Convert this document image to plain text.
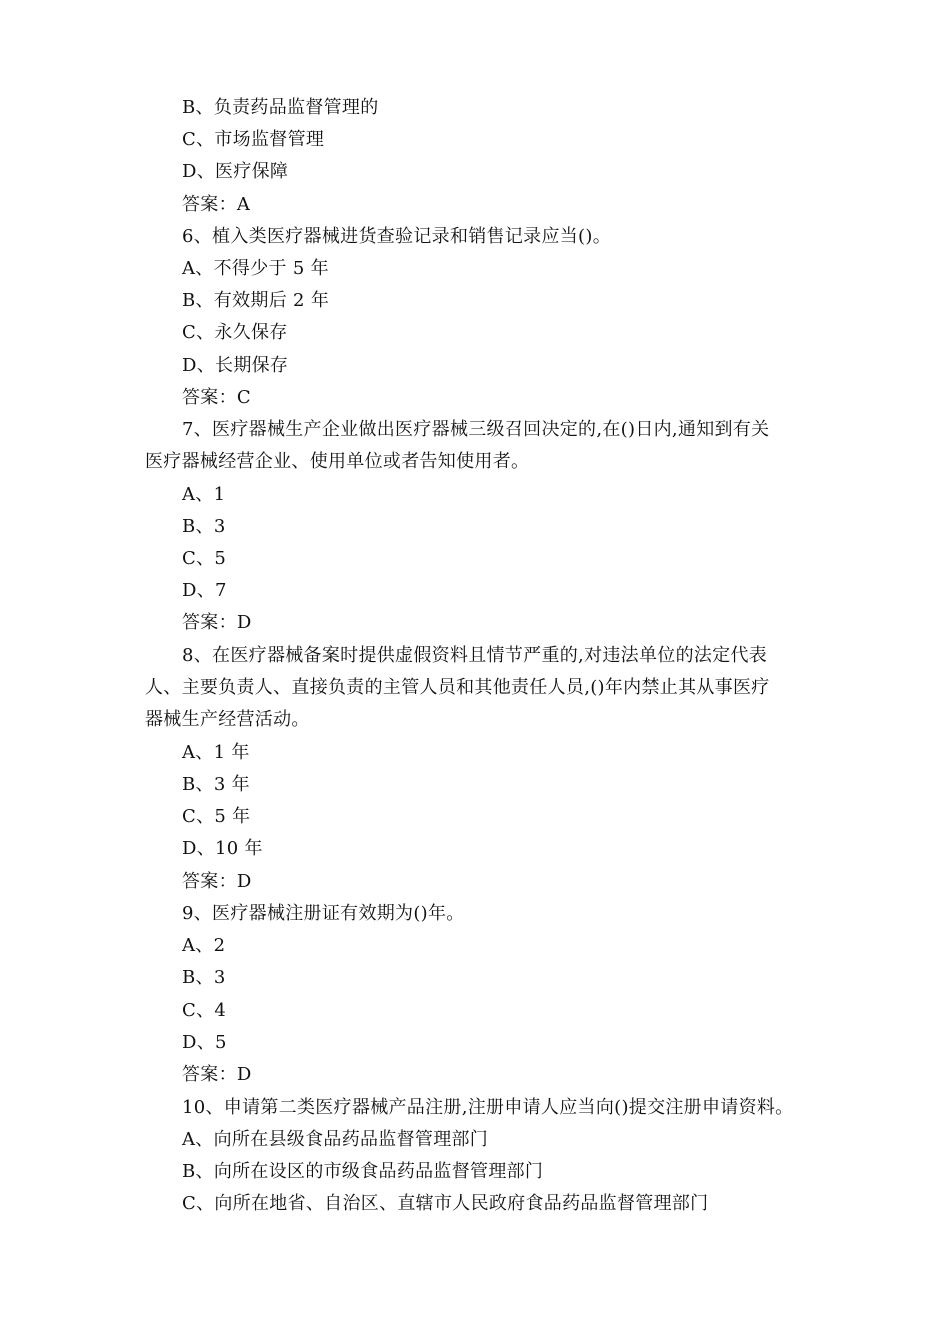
B、负责药品监督管理的
C、市场监督管理
D、医疗保障
答案：A
6、植入类医疗器械进货查验记录和销售记录应当()。
A、不得少于 5 年
B、有效期后 2 年
C、永久保存
D、长期保存
答案：C
7、医疗器械生产企业做出医疗器械三级召回决定的,在()日内,通知到有关
医疗器械经营企业、使用单位或者告知使用者。
A、1
B、3
C、5
D、7
答案：D
8、在医疗器械备案时提供虚假资料且情节严重的,对违法单位的法定代表
人、主要负责人、直接负责的主管人员和其他责任人员,()年内禁止其从事医疗
器械生产经营活动。
A、1 年
B、3 年
C、5 年
D、10 年
答案：D
9、医疗器械注册证有效期为()年。
A、2
B、3
C、4
D、5
答案：D
10、申请第二类医疗器械产品注册,注册申请人应当向()提交注册申请资料。
A、向所在县级食品药品监督管理部门
B、向所在设区的市级食品药品监督管理部门
C、向所在地省、自治区、直辖市人民政府食品药品监督管理部门
